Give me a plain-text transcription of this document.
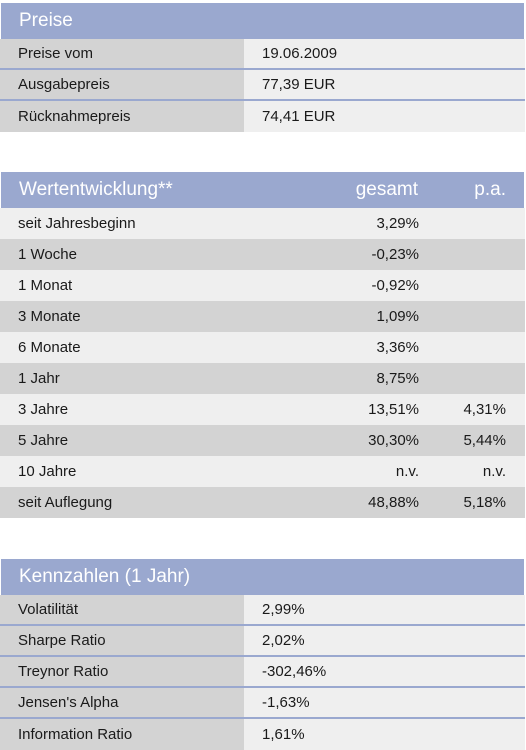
Preise
Preise vom	19.06.2009
Ausgabepreis	77,39 EUR
Rücknahmepreis	74,41 EUR
Wertentwicklung**	gesamt	p.a.
seit Jahresbeginn	3,29%
1 Woche	-0,23%
1 Monat	-0,92%
3 Monate	1,09%
6 Monate	3,36%
1 Jahr	8,75%
3 Jahre	13,51%	4,31%
5 Jahre	30,30%	5,44%
10 Jahre	n.v.	n.v.
seit Auflegung	48,88%	5,18%
Kennzahlen (1 Jahr)
Volatilität	2,99%
Sharpe Ratio	2,02%
Treynor Ratio	-302,46%
Jensen's Alpha	-1,63%
Information Ratio	1,61%
